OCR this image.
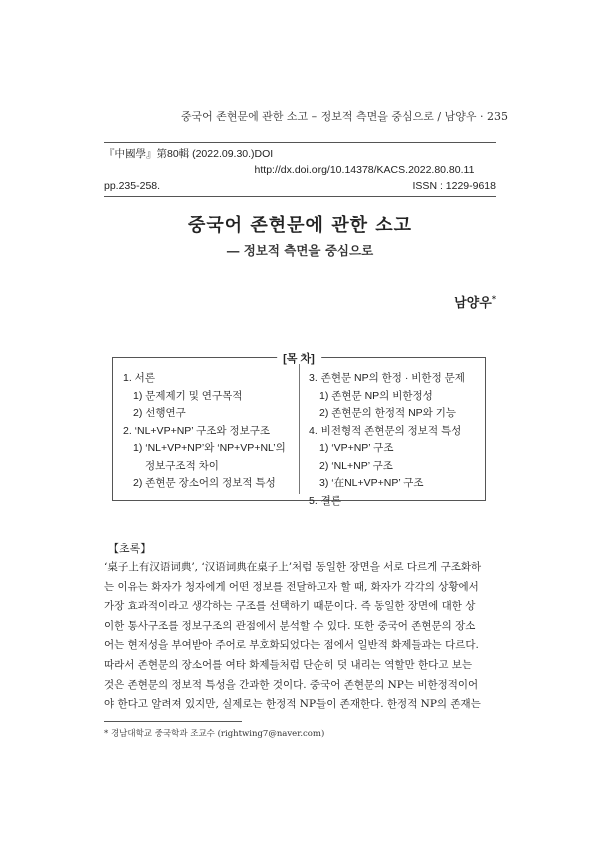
중국어 존현문에 관한 소고 – 정보적 측면을 중심으로 / 남양우 · 235
『中國學』第80輯 (2022.09.30.) DOI http://dx.doi.org/10.14378/KACS.2022.80.80.11
pp.235-258.	ISSN : 1229-9618
중국어 존현문에 관한 소고
― 정보적 측면을 중심으로
남양우*
[목 차]
1. 서론
1) 문제제기 및 연구목적
2) 선행연구
2. ‘NL+VP+NP’ 구조와 정보구조
1) ‘NL+VP+NP’와 ‘NP+VP+NL’의
정보구조적 차이
2) 존현문 장소어의 정보적 특성
3. 존현문 NP의 한정 · 비한정 문제
1) 존현문 NP의 비한정성
2) 존현문의 한정적 NP와 기능
4. 비전형적 존현문의 정보적 특성
1) ‘VP+NP’ 구조
2) ‘NL+NP’ 구조
3) ‘在NL+VP+NP’ 구조
5. 결론
【초록】
‘桌子上有汉语词典’, ‘汉语词典在桌子上’처럼 동일한 장면을 서로 다르게 구조화하
는 이유는 화자가 청자에게 어떤 정보를 전달하고자 할 때, 화자가 각각의 상황에서
가장 효과적이라고 생각하는 구조를 선택하기 때문이다. 즉 동일한 장면에 대한 상
이한 통사구조를 정보구조의 관점에서 분석할 수 있다. 또한 중국어 존현문의 장소
어는 현저성을 부여받아 주어로 부호화되었다는 점에서 일반적 화제들과는 다르다.
따라서 존현문의 장소어를 여타 화제들처럼 단순히 덧 내리는 역할만 한다고 보는
것은 존현문의 정보적 특성을 간과한 것이다. 중국어 존현문의 NP는 비한정적이어
야 한다고 알려져 있지만, 실제로는 한정적 NP들이 존재한다. 한정적 NP의 존재는
* 경남대학교 중국학과 조교수 (rightwing7@naver.com)
